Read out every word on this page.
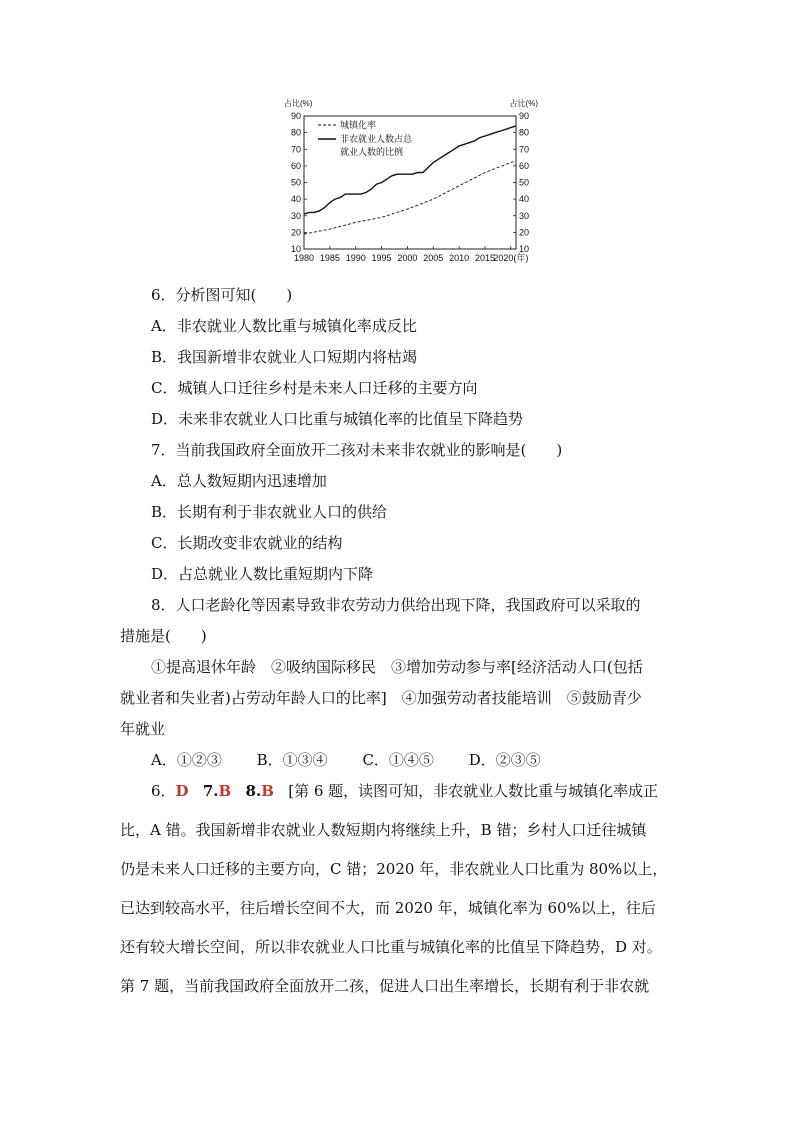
10	10
20	20
30	30
40	40
50	50
60	60
70	70
80	80
90	90
占比(%)	占比(%)
1980 1985 1990 1995 2000 2005 2010 2015
2020(年)
城镇化率
非农就业人数占总
就业人数的比例
6．分析图可知(　　)
A．非农就业人数比重与城镇化率成反比
B．我国新增非农就业人口短期内将枯竭
C．城镇人口迁往乡村是未来人口迁移的主要方向
D．未来非农就业人口比重与城镇化率的比值呈下降趋势
7．当前我国政府全面放开二孩对未来非农就业的影响是(　　)
A．总人数短期内迅速增加
B．长期有利于非农就业人口的供给
C．长期改变非农就业的结构
D．占总就业人数比重短期内下降
8．人口老龄化等因素导致非农劳动力供给出现下降，我国政府可以采取的
措施是(　　)
①提高退休年龄　②吸纳国际移民　③增加劳动参与率[经济活动人口(包括
就业者和失业者)占劳动年龄人口的比率]　④加强劳动者技能培训　⑤鼓励青少
年就业
A．①②③ B．①③④ C．①④⑤ D．②③⑤
6．D 7.B 8.B [第 6 题，读图可知，非农就业人数比重与城镇化率成正
比，A 错。我国新增非农就业人数短期内将继续上升，B 错；乡村人口迁往城镇
仍是未来人口迁移的主要方向，C 错；2020 年，非农就业人口比重为 80%以上，
已达到较高水平，往后增长空间不大，而 2020 年，城镇化率为 60%以上，往后
还有较大增长空间，所以非农就业人口比重与城镇化率的比值呈下降趋势，D 对。
第 7 题，当前我国政府全面放开二孩，促进人口出生率增长，长期有利于非农就
